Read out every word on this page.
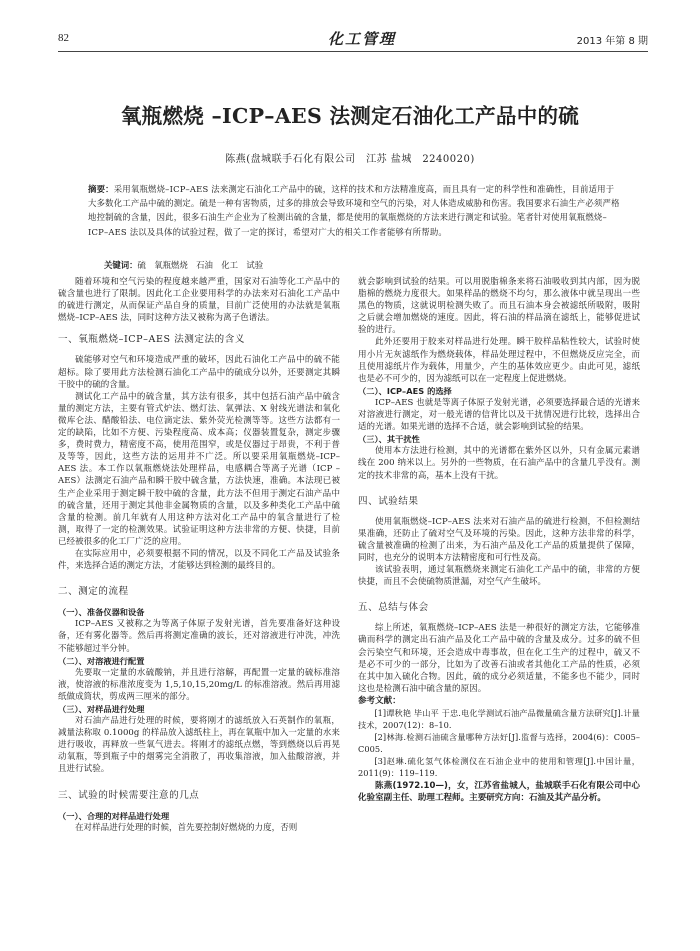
82	化工管理	2013 年第 8 期
氧瓶燃烧 –ICP–AES 法测定石油化工产品中的硫
陈燕(盘城联手石化有限公司　江苏 盐城　2240020)
摘要：采用氧瓶燃烧–ICP–AES 法来测定石油化工产品中的硫，这样的技术和方法精准度高，而且具有一定的科学性和准确性，目前适用于大多数化工产品中硫的测定。硫是一种有害物质，过多的排放会导致环境和空气的污染，对人体造成威胁和伤害。我国要求石油生产必须严格地控制硫的含量，因此，很多石油生产企业为了检测出硫的含量，都是使用的氧瓶燃烧的方法来进行测定和试验。笔者针对使用氧瓶燃烧–ICP–AES 法以及具体的试验过程，做了一定的探讨，希望对广大的相关工作者能够有所帮助。
关键词：硫　氧瓶燃烧　石油　化工　试验

随着环境和空气污染的程度越来越严重，国家对石油等化工产品中的硫含量也进行了限制。因此化工企业要用科学的办法来对石油化工产品中的硫进行测定，从而保证产品自身的质量，目前广泛使用的办法就是氧瓶燃烧–ICP–AES 法，同时这种方法又被称为离子色谱法。

一、氧瓶燃烧–ICP–AES 法测定法的含义

硫能够对空气和环境造成严重的破坏，因此石油化工产品中的硫不能超标。除了要用此方法检测石油化工产品中的硫成分以外，还要测定其瞬干胶中的硫的含量。

测试化工产品中的硫含量，其方法有很多，其中包括石油产品中硫含量的测定方法，主要有管式炉法、燃灯法、氧弹法、X 射线光谱法和氧化微库仑法、醋酸铅法、电位滴定法、紫外荧光检测等等。这些方法都有一定的缺陷，比如不方便、污染程度高、成本高；仪器装置复杂，测定步骤多，费时费力，精密度不高，使用范围窄，或是仪器过于昂贵，不利于普及等等，因此，这些方法的运用并不广泛。所以要采用氧瓶燃烧–ICP–AES 法。本工作以氧瓶燃烧法处理样品，电感耦合等离子光谱（ICP –AES）法测定石油产品和瞬干胶中硫含量，方法快速，准确。本法现已被生产企业采用于测定瞬干胶中硫的含量，此方法不但用于测定石油产品中的硫含量，还用于测定其他非金属物质的含量，以及多种类化工产品中硫含量的检测。前几年就有人用这种方法对化工产品中的氧含量进行了检测，取得了一定的检测效果。试验证明这种方法非常的方便、快捷，目前已经被很多的化工厂广泛的应用。

在实际应用中，必须要根据不同的情况，以及不同化工产品及试验条件，来选择合适的测定方法，才能够达到检测的最终目的。

二、测定的流程
（一）、准备仪器和设备

ICP–AES 又被称之为等离子体原子发射光谱，首先要准备好这种设备，还有雾化器等。然后再将测定准确的波长，还对溶液进行冲洗，冲洗不能够超过半分钟。

（二）、对溶液进行配置

先要取一定量的水硫酸钠，并且进行溶解，再配置一定量的硫标准溶液，使溶液的标准浓度变为 1,5,10,15,20mg/L 的标准溶液。然后再用滤纸做成筒状，剪成两三厘米的部分。

（三）、对样品进行处理

对石油产品进行处理的时候，要将刚才的滤纸放入石英制作的氧瓶，减量法称取 0.1000g 的样品放入滤纸柱上，再在氧瓶中加入一定量的水来进行吸收，再释放一些氧气进去。将刚才的滤纸点燃，等到燃烧以后再晃动氧瓶，等到瓶子中的烟雾完全消散了，再收集溶液，加入盐酸溶液，并且进行试验。

三、试验的时候需要注意的几点
（一）、合理的对样品进行处理

在对样品进行处理的时候，首先要控制好燃烧的力度，否则

就会影响到试验的结果。可以用脱脂棉条来将石油吸收到其内部，因为脱脂棉的燃烧力度很大。如果样品的燃烧不均匀，那么液体中就呈现出一些黑色的物质，这就说明检测失败了。而且石油本身会被滤纸所吸附，吸附之后就会增加燃烧的速度。因此，将石油的样品滴在滤纸上，能够促进试验的进行。

此外还要用于胶来对样品进行处理。瞬干胶样品粘性较大，试验时使用小片无灰滤纸作为燃烧载体，样品处理过程中，不但燃烧反应完全，而且使用滤纸片作为载体，用量少，产生的基体效应更少。由此可见，滤纸也是必不可少的，因为滤纸可以在一定程度上促进燃烧。

（二）、ICP–AES 的选择

ICP–AES 也就是等离子体原子发射光谱，必须要选择最合适的光谱来对溶液进行测定，对一般光谱的信背比以及干扰情况进行比较，选择出合适的光谱。如果光谱的选择不合适，就会影响到试验的结果。

（三）、其干扰性

使用本方法进行检测，其中的光谱都在紫外区以外，只有金属元素谱线在 200 纳米以上。另外的一些物质，在石油产品中的含量几乎没有。测定的技术非常的高，基本上没有干扰。

四、试验结果

使用氧瓶燃烧–ICP–AES 法来对石油产品的硫进行检测，不但检测结果准确，还防止了硫对空气及环境的污染。因此，这种方法非常的科学，硫含量被准确的检测了出来，为石油产品及化工产品的质量提供了保障，同时，也充分的说明本方法精密度和可行性及高。

该试验表明，通过氧瓶燃烧来测定石油化工产品中的硫，非常的方便快捷，而且不会使硫物质泄漏，对空气产生破坏。

五、总结与体会

综上所述，氧瓶燃烧–ICP–AES 法是一种很好的测定方法，它能够准确而科学的测定出石油产品及化工产品中硫的含量及成分。过多的硫不但会污染空气和环境，还会造成中毒事故，但在化工生产的过程中，硫又不是必不可少的一部分，比如为了改善石油或者其他化工产品的性质，必须在其中加入硫化合物。因此，硫的成分必须适量，不能多也不能少，同时这也是检测石油中硫含量的原因。

参考文献：

[1]谭秋艳 毕山平 于忠.电化学测试石油产品微量硫含量方法研究[J].计量技术，2007(12)：8–10.

[2]林海.检测石油硫含量哪种方法好[J].监督与选择，2004(6)：C005–C005.

[3]赵琳.硫化氢气体检测仪在石油企业中的使用和管理[J].中国计量，2011(9)：119–119.

陈燕(1972.10—)，女，江苏省盐城人，盐城联手石化有限公司中心化验室副主任、助理工程师。主要研究方向：石油及其产品分析。
